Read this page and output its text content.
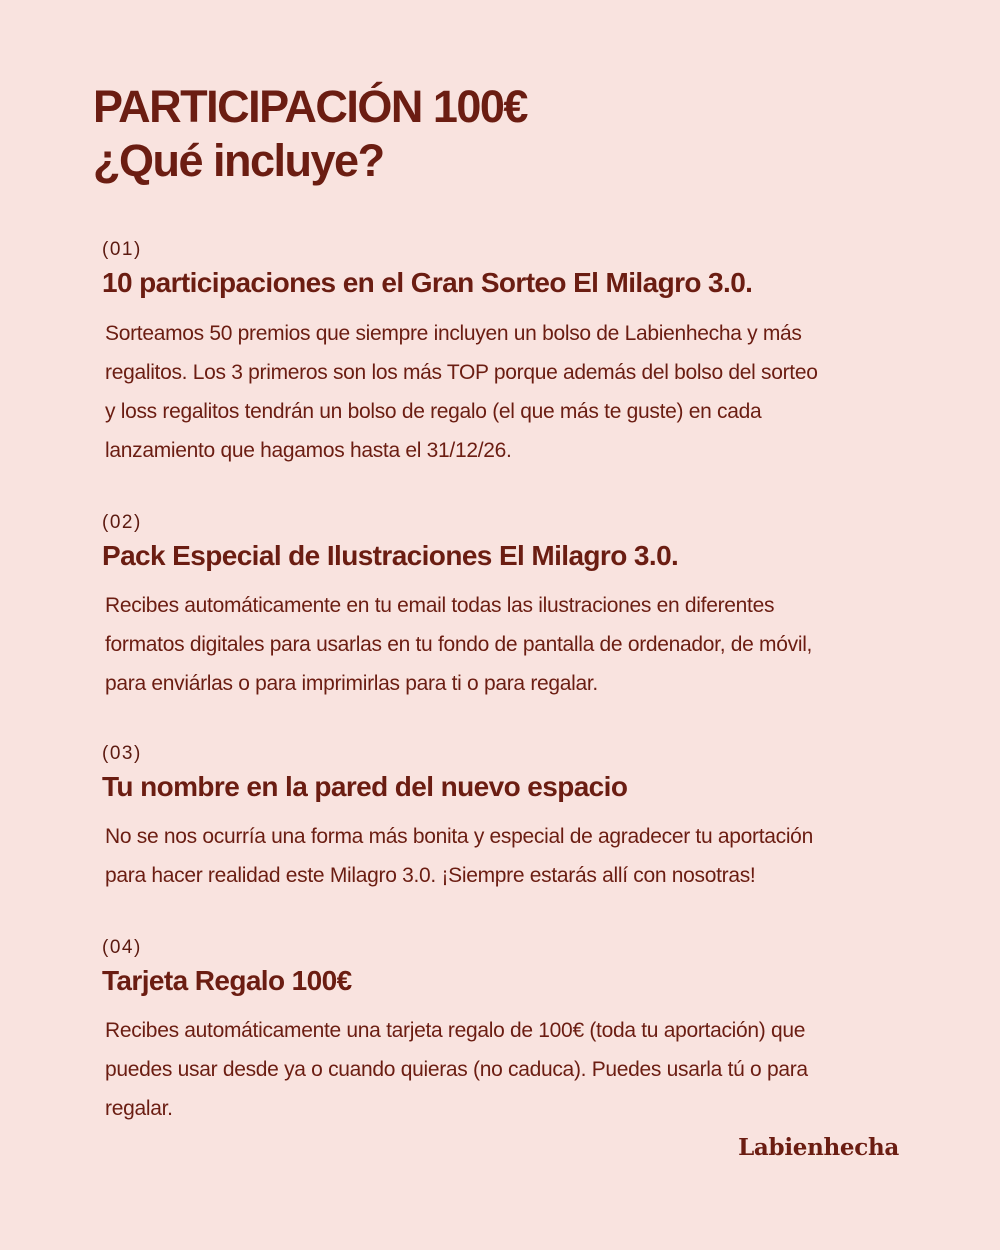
PARTICIPACIÓN 100€
¿Qué incluye?

(01)

10 participaciones en el Gran Sorteo El Milagro 3.0.

Sorteamos 50 premios que siempre incluyen un bolso de Labienhecha y más
regalitos. Los 3 primeros son los más TOP porque además del bolso del sorteo
y loss regalitos tendrán un bolso de regalo (el que más te guste) en cada
lanzamiento que hagamos hasta el 31/12/26.

(02)

Pack Especial de Ilustraciones El Milagro 3.0.

Recibes automáticamente en tu email todas las ilustraciones en diferentes
formatos digitales para usarlas en tu fondo de pantalla de ordenador, de móvil,
para enviárlas o para imprimirlas para ti o para regalar.

(03)

Tu nombre en la pared del nuevo espacio

No se nos ocurría una forma más bonita y especial de agradecer tu aportación
para hacer realidad este Milagro 3.0. ¡Siempre estarás allí con nosotras!

(04)

Tarjeta Regalo 100€

Recibes automáticamente una tarjeta regalo de 100€ (toda tu aportación) que
puedes usar desde ya o cuando quieras (no caduca). Puedes usarla tú o para
regalar.

Labienhecha
